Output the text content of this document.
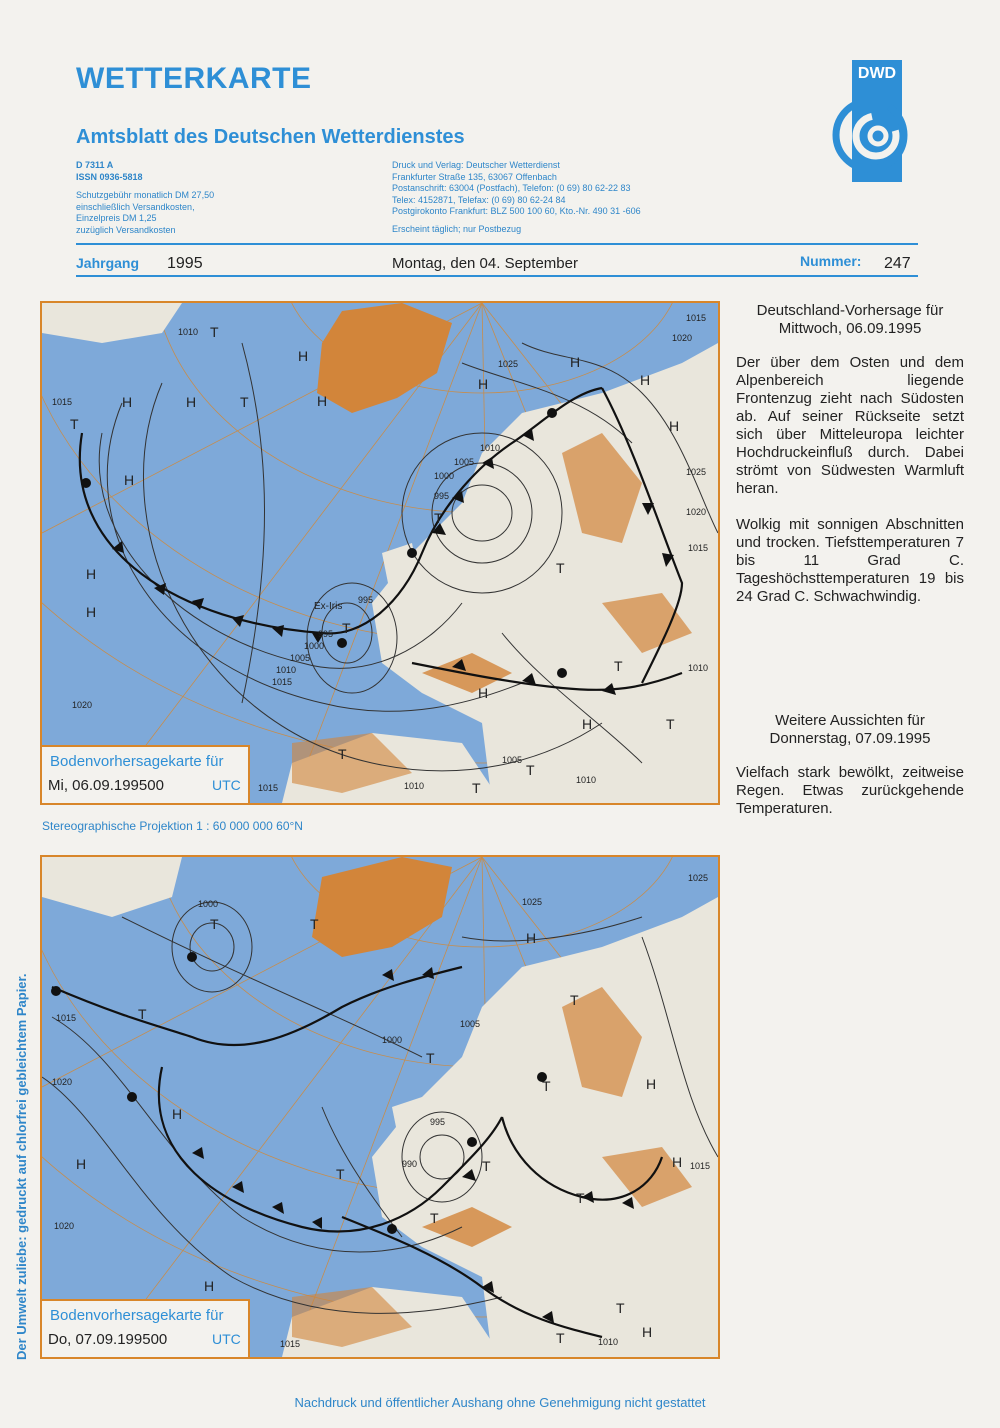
WETTERKARTE
Amtsblatt des Deutschen Wetterdienstes
DWD
D 7311 A
ISSN 0936-5818
Schutzgebühr monatlich DM 27,50
einschließlich Versandkosten,
Einzelpreis DM 1,25
zuzüglich Versandkosten
Druck und Verlag: Deutscher Wetterdienst
Frankfurter Straße 135, 63067 Offenbach
Postanschrift: 63004 (Postfach), Telefon: (0 69) 80 62-22 83
Telex: 4152871, Telefax: (0 69) 80 62-24 84
Postgirokonto Frankfurt: BLZ 500 100 60, Kto.-Nr. 490 31 -606
Erscheint täglich; nur Postbezug
Jahrgang 1995	Montag, den 04. September	Nummer: 247
H
H
T
H
H
H
H
T
T
T
H
T
T
H
H
T
T
T
H
T
T
H
H	H
1010
1015
1015
1020
1025
1005
1010
1000
995
995
995
1000
1005
1010
1015
1020
1015
1010
1005
1010
1010
1025
1020
1015
Ex-Iris
Bodenvorhersagekarte für
Mi, 06.09.199500	UTC
Stereographische Projektion 1 : 60 000 000 60°N
T	T
H
T
T
H
H
T	T
T
T
H
T
H
T
H
T
T
H
1000
1015
1020
1020
1005
1000
995
990
1025
1025
1015
1015	1010
Bodenvorhersagekarte für
Do, 07.09.199500	UTC

Deutschland-Vorhersage für Mittwoch, 06.09.1995

Der über dem Osten und dem Alpenbereich liegende Frontenzug zieht nach Südosten ab. Auf seiner Rückseite setzt sich über Mitteleuropa leichter Hochdruckeinfluß durch. Dabei strömt von Südwesten Warmluft heran.

Wolkig mit sonnigen Abschnitten und trocken. Tiefsttemperaturen 7 bis 11 Grad C. Tageshöchsttemperaturen 19 bis 24 Grad C. Schwachwindig.

Weitere Aussichten für Donnerstag, 07.09.1995

Vielfach stark bewölkt, zeitweise Regen. Etwas zurückgehende Temperaturen.

Der Umwelt zuliebe: gedruckt auf chlorfrei gebleichtem Papier.
Nachdruck und öffentlicher Aushang ohne Genehmigung nicht gestattet
